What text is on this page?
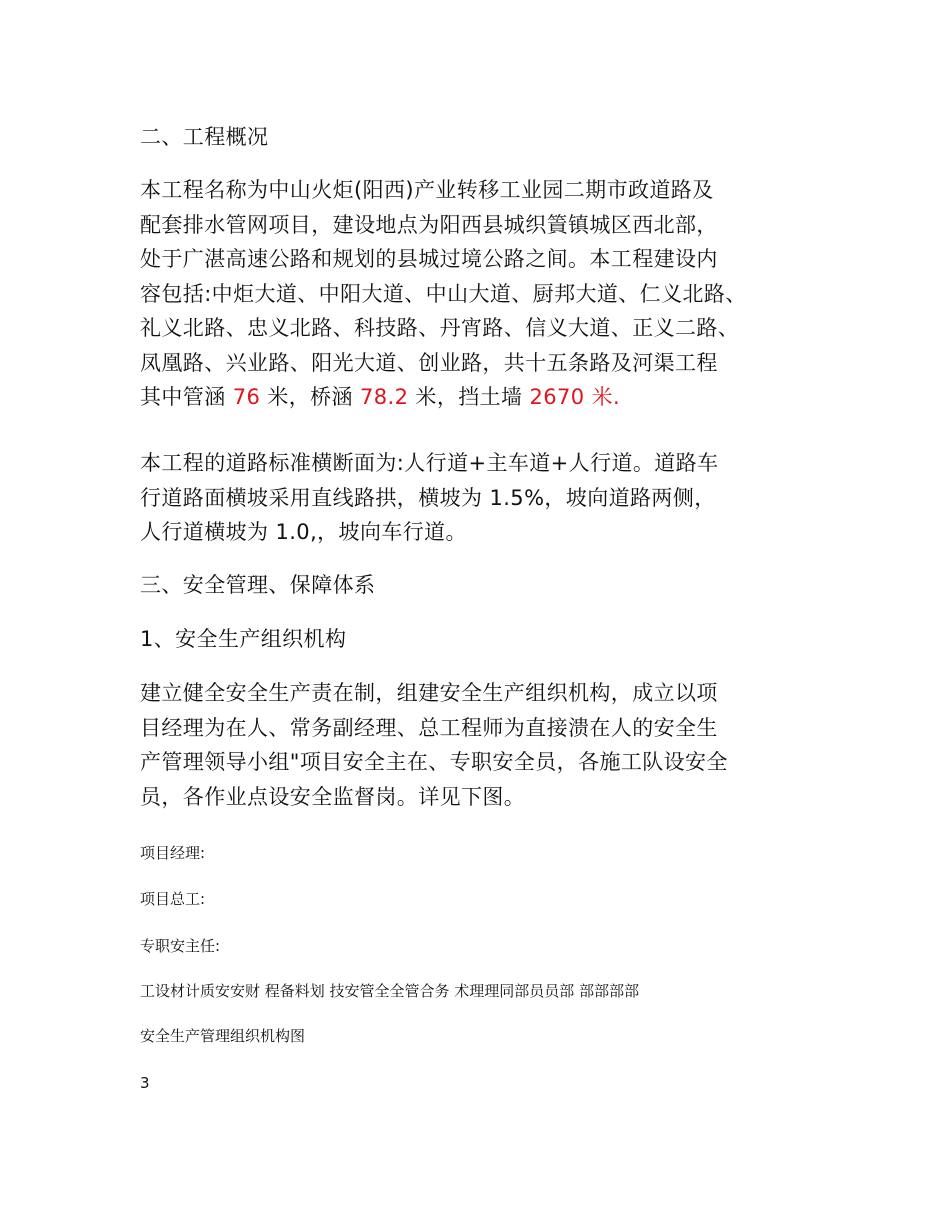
二、工程概况
本工程名称为中山火炬(阳西)产业转移工业园二期市政道路及
配套排水管网项目，建设地点为阳西县城织篢镇城区西北部，
处于广湛高速公路和规划的县城过境公路之间。本工程建设内
容包括:中炬大道、中阳大道、中山大道、厨邦大道、仁义北路、
礼义北路、忠义北路、科技路、丹宵路、信义大道、正义二路、
凤凰路、兴业路、阳光大道、创业路，共十五条路及河渠工程
其中管涵 76 米，桥涵 78.2 米，挡土墙 2670 米.
本工程的道路标准横断面为:人行道+主车道+人行道。道路车
行道路面横坡采用直线路拱，横坡为 1.5%，坡向道路两侧，
人行道横坡为 1.0,，坡向车行道。
三、安全管理、保障体系
1、安全生产组织机构
建立健全安全生产责在制，组建安全生产组织机构，成立以项
目经理为在人、常务副经理、总工程师为直接溃在人的安全生
产管理领导小组"项目安全主在、专职安全员，各施工队设安全
员，各作业点设安全监督岗。详见下图。
项目经理:
项目总工:
专职安主任:
工设材计质安安财 程备料划 技安管全全管合务 术理理同部员员部 部部部部
安全生产管理组织机构图
3
